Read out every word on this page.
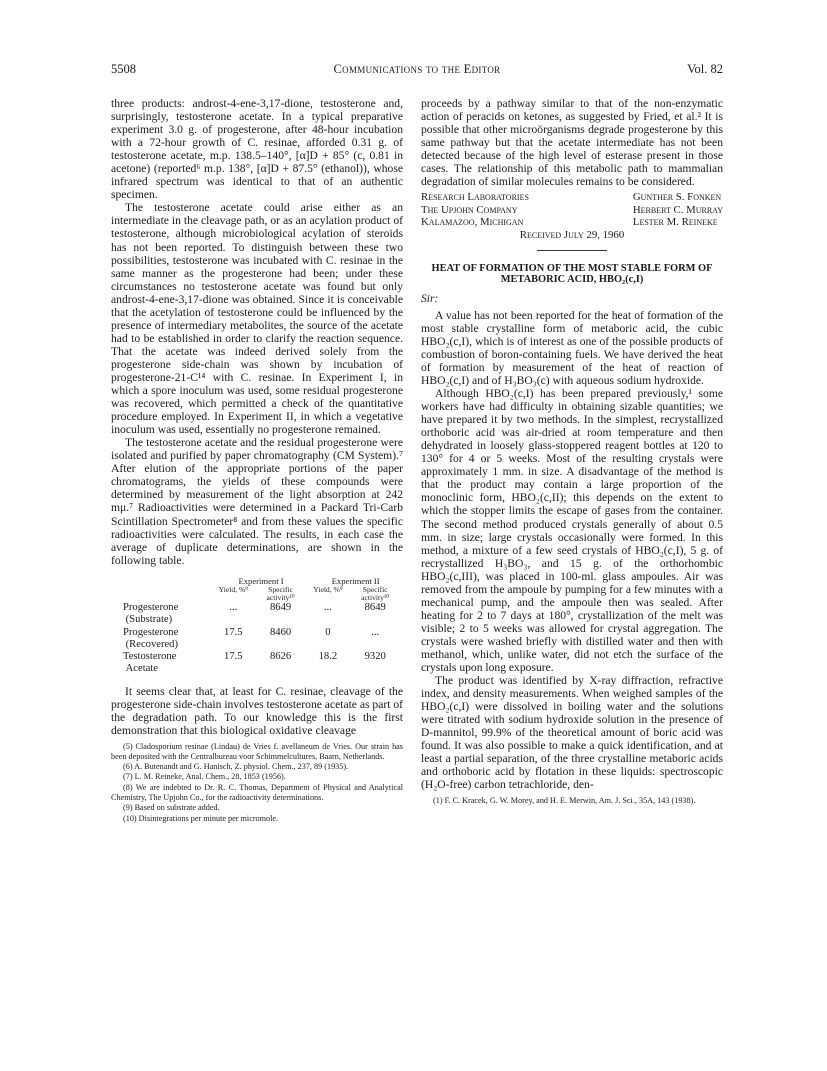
5508	Communications to the Editor	Vol. 82

three products: androst-4-ene-3,17-dione, testosterone and, surprisingly, testosterone acetate. In a typical preparative experiment 3.0 g. of progesterone, after 48-hour incubation with a 72-hour growth of C. resinae, afforded 0.31 g. of testosterone acetate, m.p. 138.5–140°, [α]D + 85° (c, 0.81 in acetone) (reported⁶ m.p. 138°, [α]D + 87.5° (ethanol)), whose infrared spectrum was identical to that of an authentic specimen.

The testosterone acetate could arise either as an intermediate in the cleavage path, or as an acylation product of testosterone, although microbiological acylation of steroids has not been reported. To distinguish between these two possibilities, testosterone was incubated with C. resinae in the same manner as the progesterone had been; under these circumstances no testosterone acetate was found but only androst-4-ene-3,17-dione was obtained. Since it is conceivable that the acetylation of testosterone could be influenced by the presence of intermediary metabolites, the source of the acetate had to be established in order to clarify the reaction sequence. That the acetate was indeed derived solely from the progesterone side-chain was shown by incubation of progesterone-21-C¹⁴ with C. resinae. In Experiment I, in which a spore inoculum was used, some residual progesterone was recovered, which permitted a check of the quantitative procedure employed. In Experiment II, in which a vegetative inoculum was used, essentially no progesterone remained.

The testosterone acetate and the residual progesterone were isolated and purified by paper chromatography (CM System).⁷ After elution of the appropriate portions of the paper chromatograms, the yields of these compounds were determined by measurement of the light absorption at 242 mμ.⁷ Radioactivities were determined in a Packard Tri-Carb Scintillation Spectrometer⁸ and from these values the specific radioactivities were calculated. The results, in each case the average of duplicate determinations, are shown in the following table.

	Experiment I		Experiment II	
	Yield, %⁹	Specific activity¹⁰	Yield, %⁹	Specific activity¹⁰
Progesterone
(Substrate)	...	8649	...	8649
Progesterone
(Recovered)	17.5	8460	0	...
Testosterone
Acetate	17.5	8626	18.2	9320

It seems clear that, at least for C. resinae, cleavage of the progesterone side-chain involves testosterone acetate as part of the degradation path. To our knowledge this is the first demonstration that this biological oxidative cleavage

(5) Cladosporium resinae (Lindau) de Vries f. avellaneum de Vries. Our strain has been deposited with the Centralbureau voor Schimmelcultures, Baarn, Netherlands.
(6) A. Butenandt and G. Hanisch, Z. physiol. Chem., 237, 89 (1935).
(7) L. M. Reineke, Anal. Chem., 28, 1853 (1956).
(8) We are indebted to Dr. R. C. Thomas, Department of Physical and Analytical Chemistry, The Upjohn Co., for the radioactivity determinations.
(9) Based on substrate added.
(10) Disintegrations per minute per micromole.

proceeds by a pathway similar to that of the non-enzymatic action of peracids on ketones, as suggested by Fried, et al.² It is possible that other microörganisms degrade progesterone by this same pathway but that the acetate intermediate has not been detected because of the high level of esterase present in those cases. The relationship of this metabolic path to mammalian degradation of similar molecules remains to be considered.

Research Laboratories
The Upjohn Company
Kalamazoo, Michigan
Gunther S. Fonken
Herbert C. Murray
Lester M. Reineke
Received July 29, 1960
HEAT OF FORMATION OF THE MOST STABLE FORM OF METABORIC ACID, HBO₂(c,I)
Sir:

A value has not been reported for the heat of formation of the most stable crystalline form of metaboric acid, the cubic HBO₂(c,I), which is of interest as one of the possible products of combustion of boron-containing fuels. We have derived the heat of formation by measurement of the heat of reaction of HBO₂(c,I) and of H₃BO₃(c) with aqueous sodium hydroxide.

Although HBO₂(c,I) has been prepared previously,¹ some workers have had difficulty in obtaining sizable quantities; we have prepared it by two methods. In the simplest, recrystallized orthoboric acid was air-dried at room temperature and then dehydrated in loosely glass-stoppered reagent bottles at 120 to 130° for 4 or 5 weeks. Most of the resulting crystals were approximately 1 mm. in size. A disadvantage of the method is that the product may contain a large proportion of the monoclinic form, HBO₂(c,II); this depends on the extent to which the stopper limits the escape of gases from the container. The second method produced crystals generally of about 0.5 mm. in size; large crystals occasionally were formed. In this method, a mixture of a few seed crystals of HBO₂(c,I), 5 g. of recrystallized H₃BO₃, and 15 g. of the orthorhombic HBO₂(c,III), was placed in 100-ml. glass ampoules. Air was removed from the ampoule by pumping for a few minutes with a mechanical pump, and the ampoule then was sealed. After heating for 2 to 7 days at 180°, crystallization of the melt was visible; 2 to 5 weeks was allowed for crystal aggregation. The crystals were washed briefly with distilled water and then with methanol, which, unlike water, did not etch the surface of the crystals upon long exposure.

The product was identified by X-ray diffraction, refractive index, and density measurements. When weighed samples of the HBO₂(c,I) were dissolved in boiling water and the solutions were titrated with sodium hydroxide solution in the presence of D-mannitol, 99.9% of the theoretical amount of boric acid was found. It was also possible to make a quick identification, and at least a partial separation, of the three crystalline metaboric acids and orthoboric acid by flotation in these liquids: spectroscopic (H₂O-free) carbon tetrachloride, den-

(1) F. C. Kracek, G. W. Morey, and H. E. Merwin, Am. J. Sci., 35A, 143 (1938).
